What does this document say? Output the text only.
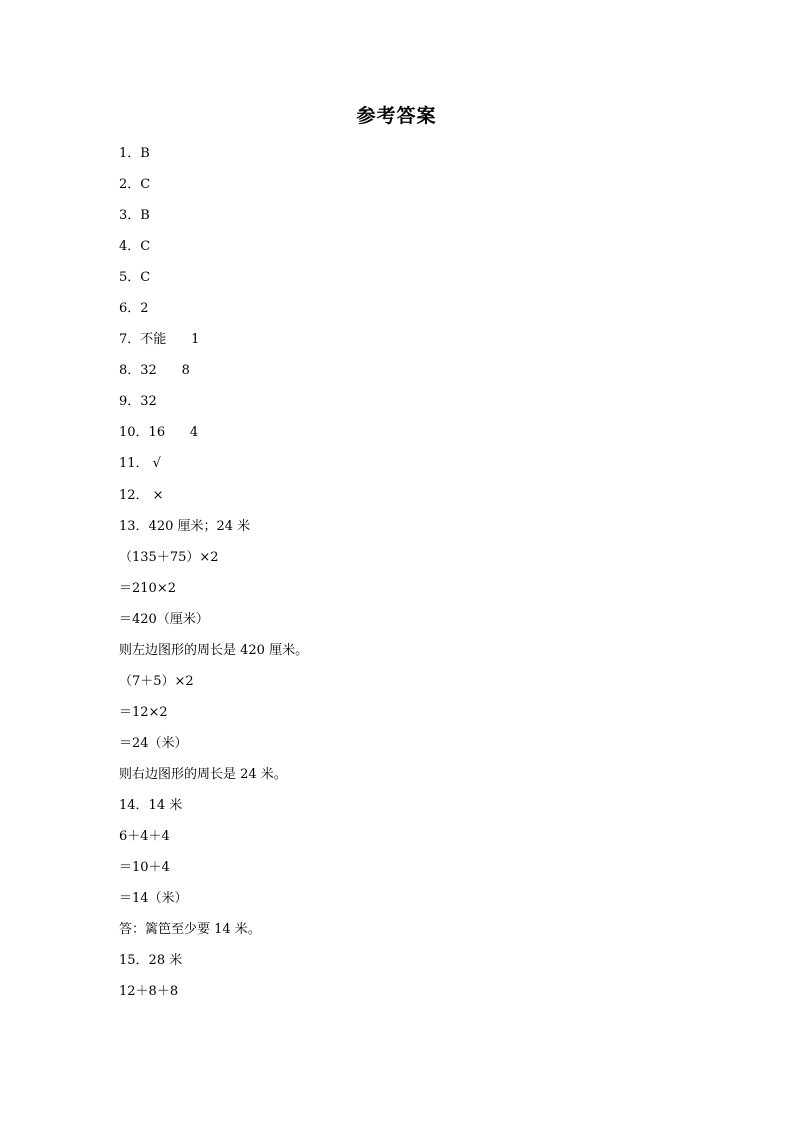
参考答案
1．B
2．C
3．B
4．C
5．C
6．2
7．不能      1
8．32      8
9．32
10．16      4
11． √
12． ×
13．420 厘米；24 米
（135＋75）×2
＝210×2
＝420（厘米）
则左边图形的周长是 420 厘米。
（7＋5）×2
＝12×2
＝24（米）
则右边图形的周长是 24 米。
14．14 米
6＋4＋4
＝10＋4
＝14（米）
答：篱笆至少要 14 米。
15．28 米
12＋8＋8
